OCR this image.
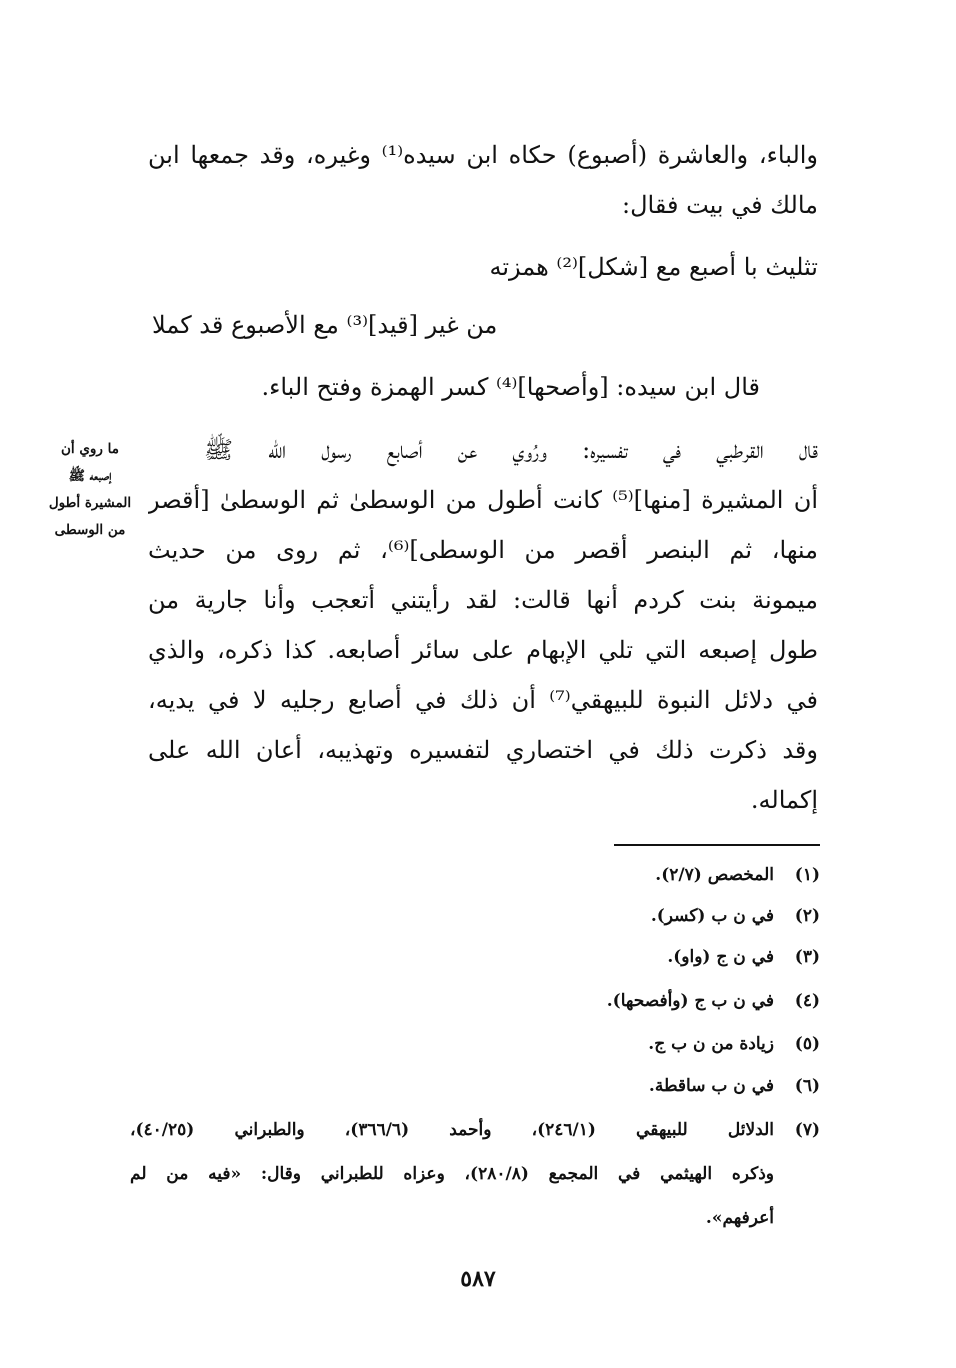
والباء، والعاشرة (أصبوع) حكاه ابن سيده⁽¹⁾ وغيره، وقد جمعها ابن
مالك في بيت فقال:
تثليث با أصبع مع [شكل]⁽²⁾ همزته
من غير [قيد]⁽³⁾ مع الأصبوع قد كملا
قال ابن سيده: [وأصحها]⁽⁴⁾ كسر الهمزة وفتح الباء.
ما روي أن
إصبعه ﷺ
المشيرة أطول
من الوسطى
قال القرطبي في تفسيره: ورُوي عن أصابع رسول الله ﷺ
أن المشيرة [منها]⁽⁵⁾ كانت أطول من الوسطىٰ ثم الوسطىٰ [أقصر
منها، ثم البنصر أقصر من الوسطى]⁽⁶⁾، ثم روى من حديث
ميمونة بنت كردم أنها قالت: لقد رأيتني أتعجب وأنا جارية من
طول إصبعه التي تلي الإبهام على سائر أصابعه. كذا ذكره، والذي
في دلائل النبوة للبيهقي⁽⁷⁾ أن ذلك في أصابع رجليه لا في يديه،
وقد ذكرت ذلك في اختصاري لتفسيره وتهذيبه، أعان الله على
إكماله.
(١)
المخصص (٢/٧).
(٢)
في ن ب (كسر).
(٣)
في ن ج (واو).
(٤)
في ن ب ج (وأفصحها).
(٥)
زيادة من ن ب ج.
(٦)
في ن ب ساقطة.
(٧)
الدلائل للبيهقي (٢٤٦/١)، وأحمد (٣٦٦/٦)، والطبراني (٤٠/٢٥)،
وذكره الهيثمي في المجمع (٢٨٠/٨)، وعزاه للطبراني وقال: «فيه من لم
أعرفهم».
٥٨٧
